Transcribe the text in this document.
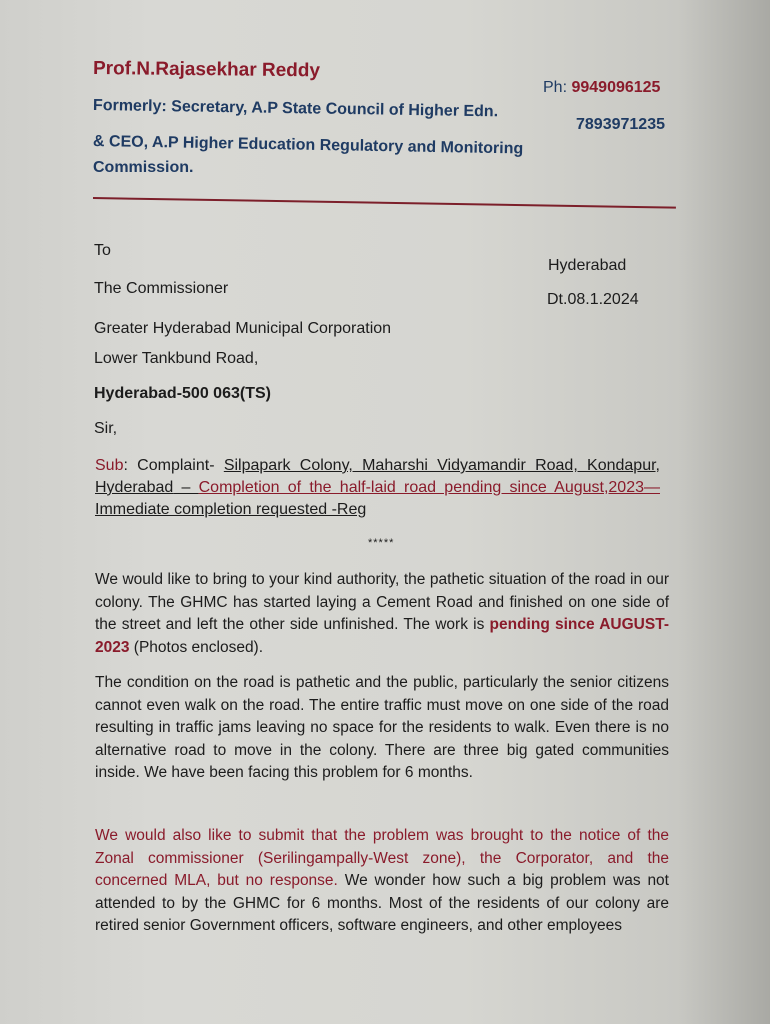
Prof.N.Rajasekhar Reddy
Formerly: Secretary, A.P State Council of Higher Edn.
& CEO, A.P Higher Education Regulatory and Monitoring
Commission.
Ph: 9949096125
7893971235
To
Hyderabad
The Commissioner
Dt.08.1.2024
Greater Hyderabad Municipal Corporation
Lower Tankbund Road,
Hyderabad-500 063(TS)
Sir,
Sub: Complaint- Silpapark Colony, Maharshi Vidyamandir Road, Kondapur, Hyderabad – Completion of the half-laid road pending since August,2023— Immediate completion requested -Reg
*****
We would like to bring to your kind authority, the pathetic situation of the road in our colony. The GHMC has started laying a Cement Road and finished on one side of the street and left the other side unfinished. The work is pending since AUGUST-2023 (Photos enclosed).
The condition on the road is pathetic and the public, particularly the senior citizens cannot even walk on the road. The entire traffic must move on one side of the road resulting in traffic jams leaving no space for the residents to walk. Even there is no alternative road to move in the colony. There are three big gated communities inside. We have been facing this problem for 6 months.
We would also like to submit that the problem was brought to the notice of the Zonal commissioner (Serilingampally-West zone), the Corporator, and the concerned MLA, but no response. We wonder how such a big problem was not attended to by the GHMC for 6 months. Most of the residents of our colony are retired senior Government officers, software engineers, and other employees
